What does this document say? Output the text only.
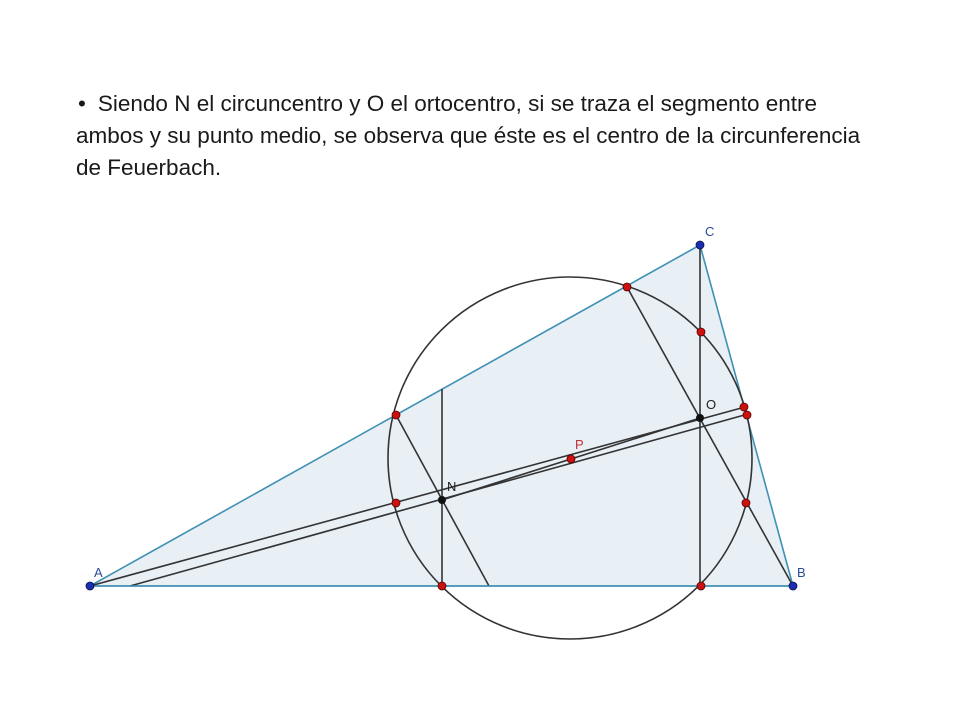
• Siendo N el circuncentro y O el ortocentro, si se traza el segmento entre ambos y su punto medio, se observa que éste es el centro de la circunferencia de Feuerbach.
A	B
C
O
N
P
